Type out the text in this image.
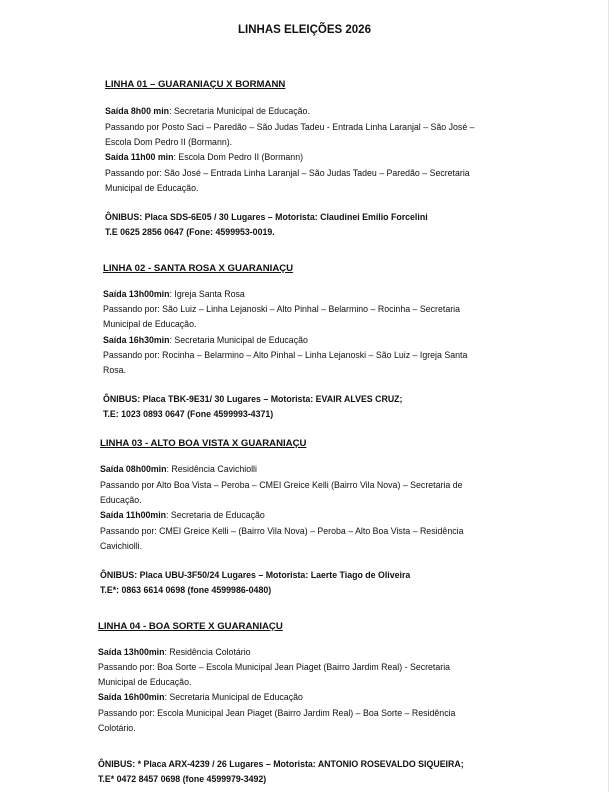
LINHAS ELEIÇÕES 2026
LINHA 01 – GUARANIAÇU X BORMANN
Saída 8h00 min: Secretaria Municipal de Educação.
Passando por Posto Saci – Paredão – São Judas Tadeu - Entrada Linha Laranjal – São José –
Escola Dom Pedro II (Bormann).
Saída 11h00 min: Escola Dom Pedro II (Bormann)
Passando por: São José – Entrada Linha Laranjal – São Judas Tadeu – Paredão – Secretaria
Municipal de Educação.
ÔNIBUS: Placa SDS-6E05 / 30 Lugares – Motorista: Claudinei Emilio Forcelini
T.E 0625 2856 0647 (Fone: 4599953-0019.
LINHA 02 - SANTA ROSA X GUARANIAÇU
Saída 13h00min: Igreja Santa Rosa
Passando por: São Luiz – Linha Lejanoski – Alto Pinhal – Belarmino – Rocinha – Secretaria
Municipal de Educação.
Saída 16h30min: Secretaria Municipal de Educação
Passando por: Rocinha – Belarmino – Alto Pinhal – Linha Lejanoski – São Luiz – Igreja Santa
Rosa.
ÔNIBUS: Placa TBK-9E31/ 30 Lugares – Motorista: EVAIR ALVES CRUZ;
T.E: 1023 0893 0647 (Fone 4599993-4371)
LINHA 03 - ALTO BOA VISTA X GUARANIAÇU
Saída 08h00min: Residência Cavichiolli
Passando por Alto Boa Vista – Peroba – CMEI Greice Kelli (Bairro Vila Nova) – Secretaria de
Educação.
Saída 11h00min: Secretaria de Educação
Passando por: CMEI Greice Kelli – (Bairro Vila Nova) – Peroba – Alto Boa Vista – Residência
Cavichiolli.
ÔNIBUS: Placa UBU-3F50/24 Lugares – Motorista: Laerte Tiago de Oliveira
T.E*: 0863 6614 0698 (fone 4599986-0480)
LINHA 04 - BOA SORTE X GUARANIAÇU
Saída 13h00min: Residência Colotário
Passando por: Boa Sorte – Escola Municipal Jean Piaget (Bairro Jardim Real) - Secretaria
Municipal de Educação.
Saída 16h00min: Secretaria Municipal de Educação
Passando por: Escola Municipal Jean Piaget (Bairro Jardim Real) – Boa Sorte – Residência
Colotário.
ÔNIBUS: * Placa ARX-4239 / 26 Lugares – Motorista: ANTONIO ROSEVALDO SIQUEIRA;
T.E* 0472 8457 0698 (fone 4599979-3492)
